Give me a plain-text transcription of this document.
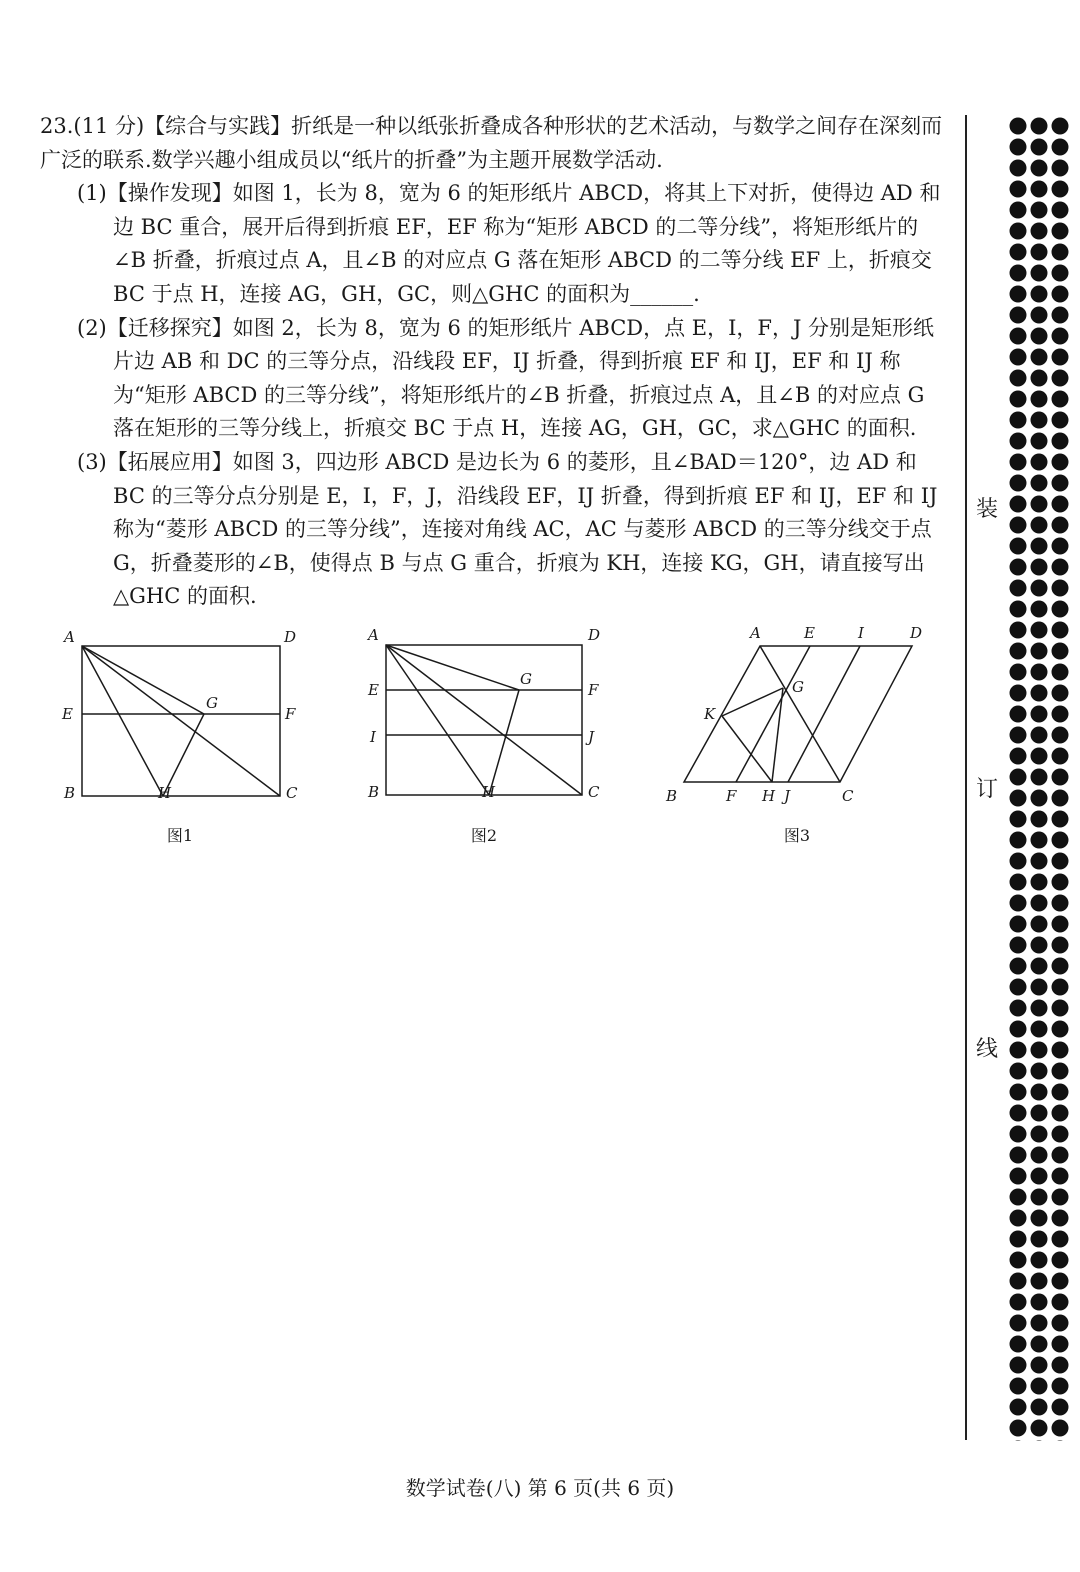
23.(11 分)【综合与实践】折纸是一种以纸张折叠成各种形状的艺术活动，与数学之间存在深刻而广泛的联系.数学兴趣小组成员以“纸片的折叠”为主题开展数学活动.

(1)【操作发现】如图 1，长为 8，宽为 6 的矩形纸片 ABCD，将其上下对折，使得边 AD 和边 BC 重合，展开后得到折痕 EF，EF 称为“矩形 ABCD 的二等分线”，将矩形纸片的∠B 折叠，折痕过点 A，且∠B 的对应点 G 落在矩形 ABCD 的二等分线 EF 上，折痕交 BC 于点 H，连接 AG，GH，GC，则△GHC 的面积为______.

(2)【迁移探究】如图 2，长为 8，宽为 6 的矩形纸片 ABCD，点 E，I，F，J 分别是矩形纸片边 AB 和 DC 的三等分点，沿线段 EF，IJ 折叠，得到折痕 EF 和 IJ，EF 和 IJ 称为“矩形 ABCD 的三等分线”，将矩形纸片的∠B 折叠，折痕过点 A，且∠B 的对应点 G 落在矩形的三等分线上，折痕交 BC 于点 H，连接 AG，GH，GC，求△GHC 的面积.

(3)【拓展应用】如图 3，四边形 ABCD 是边长为 6 的菱形，且∠BAD＝120°，边 AD 和 BC 的三等分点分别是 E，I，F，J，沿线段 EF，IJ 折叠，得到折痕 EF 和 IJ，EF 和 IJ 称为“菱形 ABCD 的三等分线”，连接对角线 AC，AC 与菱形 ABCD 的三等分线交于点 G，折叠菱形的∠B，使得点 B 与点 G 重合，折痕为 KH，连接 KG，GH，请直接写出△GHC 的面积.

A	D
E
G
F
B	H	C
图1
A	D
E
G
F
I	J
B	H	C
图2
A	E	I	D
G
K
B	F H J	C
图3
装
订
线
数学试卷(八) 第 6 页(共 6 页)
